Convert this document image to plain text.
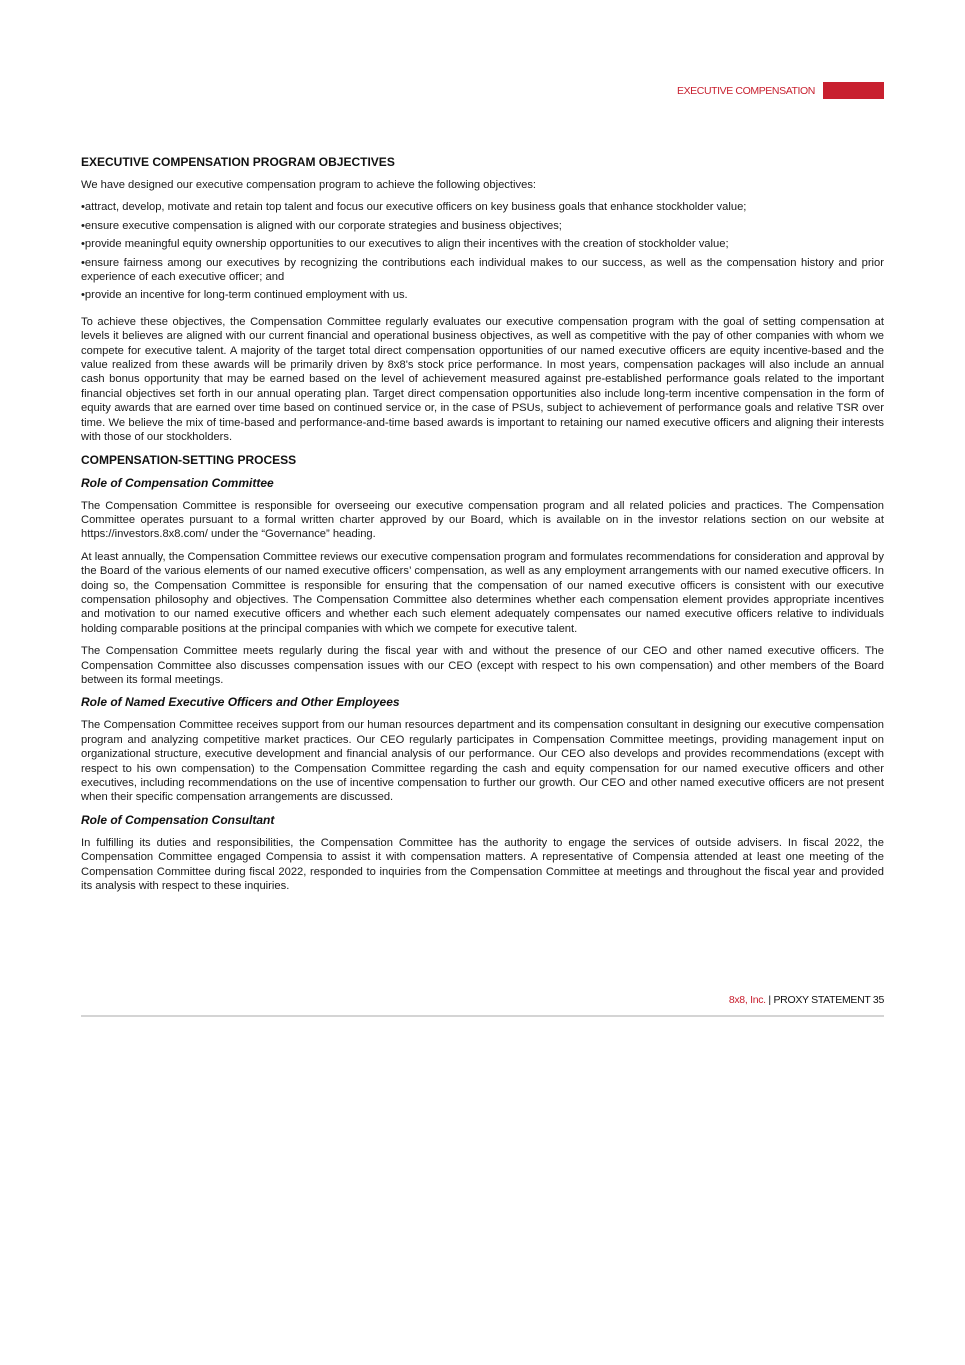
EXECUTIVE COMPENSATION
EXECUTIVE COMPENSATION PROGRAM OBJECTIVES

We have designed our executive compensation program to achieve the following objectives:

•attract, develop, motivate and retain top talent and focus our executive officers on key business goals that enhance stockholder value;
•ensure executive compensation is aligned with our corporate strategies and business objectives;
•provide meaningful equity ownership opportunities to our executives to align their incentives with the creation of stockholder value;
•ensure fairness among our executives by recognizing the contributions each individual makes to our success, as well as the compensation history and prior experience of each executive officer; and
•provide an incentive for long-term continued employment with us.

To achieve these objectives, the Compensation Committee regularly evaluates our executive compensation program with the goal of setting compensation at levels it believes are aligned with our current financial and operational business objectives, as well as competitive with the pay of other companies with whom we compete for executive talent. A majority of the target total direct compensation opportunities of our named executive officers are equity incentive-based and the value realized from these awards will be primarily driven by 8x8's stock price performance. In most years, compensation packages will also include an annual cash bonus opportunity that may be earned based on the level of achievement measured against pre-established performance goals related to the important financial objectives set forth in our annual operating plan. Target direct compensation opportunities also include long-term incentive compensation in the form of equity awards that are earned over time based on continued service or, in the case of PSUs, subject to achievement of performance goals and relative TSR over time. We believe the mix of time-based and performance-and-time based awards is important to retaining our named executive officers and aligning their interests with those of our stockholders.

COMPENSATION-SETTING PROCESS
Role of Compensation Committee

The Compensation Committee is responsible for overseeing our executive compensation program and all related policies and practices. The Compensation Committee operates pursuant to a formal written charter approved by our Board, which is available on in the investor relations section on our website at https://investors.8x8.com/ under the “Governance” heading.

At least annually, the Compensation Committee reviews our executive compensation program and formulates recommendations for consideration and approval by the Board of the various elements of our named executive officers’ compensation, as well as any employment arrangements with our named executive officers. In doing so, the Compensation Committee is responsible for ensuring that the compensation of our named executive officers is consistent with our executive compensation philosophy and objectives. The Compensation Committee also determines whether each compensation element provides appropriate incentives and motivation to our named executive officers and whether each such element adequately compensates our named executive officers relative to individuals holding comparable positions at the principal companies with which we compete for executive talent.

The Compensation Committee meets regularly during the fiscal year with and without the presence of our CEO and other named executive officers. The Compensation Committee also discusses compensation issues with our CEO (except with respect to his own compensation) and other members of the Board between its formal meetings.

Role of Named Executive Officers and Other Employees

The Compensation Committee receives support from our human resources department and its compensation consultant in designing our executive compensation program and analyzing competitive market practices. Our CEO regularly participates in Compensation Committee meetings, providing management input on organizational structure, executive development and financial analysis of our performance. Our CEO also develops and provides recommendations (except with respect to his own compensation) to the Compensation Committee regarding the cash and equity compensation for our named executive officers and other executives, including recommendations on the use of incentive compensation to further our growth. Our CEO and other named executive officers are not present when their specific compensation arrangements are discussed.

Role of Compensation Consultant

In fulfilling its duties and responsibilities, the Compensation Committee has the authority to engage the services of outside advisers. In fiscal 2022, the Compensation Committee engaged Compensia to assist it with compensation matters. A representative of Compensia attended at least one meeting of the Compensation Committee during fiscal 2022, responded to inquiries from the Compensation Committee at meetings and throughout the fiscal year and provided its analysis with respect to these inquiries.

8x8, Inc. | PROXY STATEMENT 35
